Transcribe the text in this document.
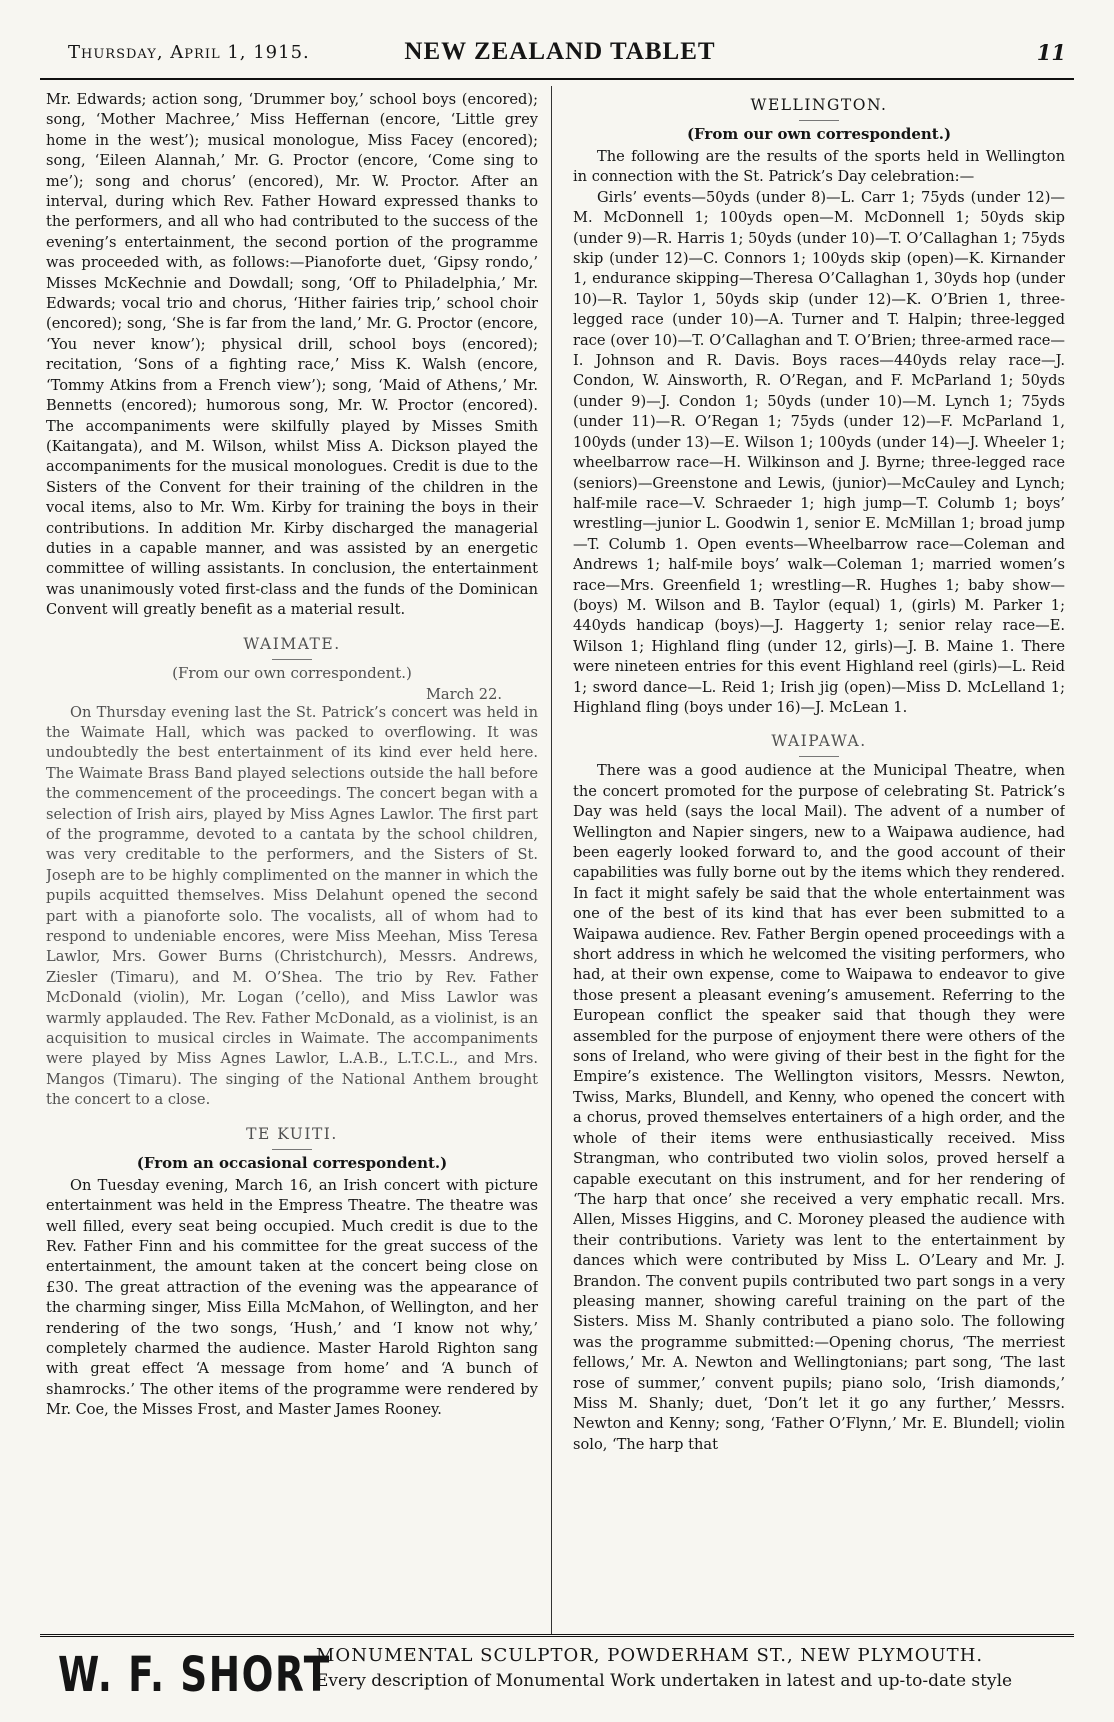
Thursday, April 1, 1915.	NEW ZEALAND TABLET	11

Mr. Edwards; action song, ‘Drummer boy,’ school boys (encored); song, ‘Mother Machree,’ Miss Heffernan (encore, ‘Little grey home in the west’); musical monologue, Miss Facey (encored); song, ‘Eileen Alannah,’ Mr. G. Proctor (encore, ‘Come sing to me’); song and chorus’ (encored), Mr. W. Proctor. After an interval, during which Rev. Father Howard expressed thanks to the performers, and all who had contributed to the success of the evening’s entertainment, the second portion of the programme was proceeded with, as follows:—Pianoforte duet, ‘Gipsy rondo,’ Misses McKechnie and Dowdall; song, ‘Off to Philadelphia,’ Mr. Edwards; vocal trio and chorus, ‘Hither fairies trip,’ school choir (encored); song, ‘She is far from the land,’ Mr. G. Proctor (encore, ‘You never know’); physical drill, school boys (encored); recitation, ‘Sons of a fighting race,’ Miss K. Walsh (encore, ‘Tommy Atkins from a French view’); song, ‘Maid of Athens,’ Mr. Bennetts (encored); humorous song, Mr. W. Proctor (encored). The accompaniments were skilfully played by Misses Smith (Kaitangata), and M. Wilson, whilst Miss A. Dickson played the accompaniments for the musical monologues. Credit is due to the Sisters of the Convent for their training of the children in the vocal items, also to Mr. Wm. Kirby for training the boys in their contributions. In addition Mr. Kirby discharged the managerial duties in a capable manner, and was assisted by an energetic committee of willing assistants. In conclusion, the entertainment was unanimously voted first-class and the funds of the Dominican Convent will greatly benefit as a material result.

WAIMATE.
(From our own correspondent.)
March 22.

On Thursday evening last the St. Patrick’s concert was held in the Waimate Hall, which was packed to overflowing. It was undoubtedly the best entertainment of its kind ever held here. The Waimate Brass Band played selections outside the hall before the commencement of the proceedings. The concert began with a selection of Irish airs, played by Miss Agnes Lawlor. The first part of the programme, devoted to a cantata by the school children, was very creditable to the performers, and the Sisters of St. Joseph are to be highly complimented on the manner in which the pupils acquitted themselves. Miss Delahunt opened the second part with a pianoforte solo. The vocalists, all of whom had to respond to undeniable encores, were Miss Meehan, Miss Teresa Lawlor, Mrs. Gower Burns (Christchurch), Messrs. Andrews, Ziesler (Timaru), and M. O’Shea. The trio by Rev. Father McDonald (violin), Mr. Logan (’cello), and Miss Lawlor was warmly applauded. The Rev. Father McDonald, as a violinist, is an acquisition to musical circles in Waimate. The accompaniments were played by Miss Agnes Lawlor, L.A.B., L.T.C.L., and Mrs. Mangos (Timaru). The singing of the National Anthem brought the concert to a close.

TE KUITI.
(From an occasional correspondent.)

On Tuesday evening, March 16, an Irish concert with picture entertainment was held in the Empress Theatre. The theatre was well filled, every seat being occupied. Much credit is due to the Rev. Father Finn and his committee for the great success of the entertainment, the amount taken at the concert being close on £30. The great attraction of the evening was the appearance of the charming singer, Miss Eilla McMahon, of Wellington, and her rendering of the two songs, ‘Hush,’ and ‘I know not why,’ completely charmed the audience. Master Harold Righton sang with great effect ‘A message from home’ and ‘A bunch of shamrocks.’ The other items of the programme were rendered by Mr. Coe, the Misses Frost, and Master James Rooney.

WELLINGTON.
(From our own correspondent.)

The following are the results of the sports held in Wellington in connection with the St. Patrick’s Day celebration:—

Girls’ events—50yds (under 8)—L. Carr 1; 75yds (under 12)—M. McDonnell 1; 100yds open—M. McDonnell 1; 50yds skip (under 9)—R. Harris 1; 50yds (under 10)—T. O’Callaghan 1; 75yds skip (under 12)—C. Connors 1; 100yds skip (open)—K. Kirnander 1, endurance skipping—Theresa O’Callaghan 1, 30yds hop (under 10)—R. Taylor 1, 50yds skip (under 12)—K. O’Brien 1, three-legged race (under 10)—A. Turner and T. Halpin; three-legged race (over 10)—T. O’Callaghan and T. O’Brien; three-armed race—I. Johnson and R. Davis. Boys races—440yds relay race—J. Condon, W. Ainsworth, R. O’Regan, and F. McParland 1; 50yds (under 9)—J. Condon 1; 50yds (under 10)—M. Lynch 1; 75yds (under 11)—R. O’Regan 1; 75yds (under 12)—F. McParland 1, 100yds (under 13)—E. Wilson 1; 100yds (under 14)—J. Wheeler 1; wheelbarrow race—H. Wilkinson and J. Byrne; three-legged race (seniors)—Greenstone and Lewis, (junior)—McCauley and Lynch; half-mile race—V. Schraeder 1; high jump—T. Columb 1; boys’ wrestling—junior L. Goodwin 1, senior E. McMillan 1; broad jump—T. Columb 1. Open events—Wheelbarrow race—Coleman and Andrews 1; half-mile boys’ walk—Coleman 1; married women’s race—Mrs. Greenfield 1; wrestling—R. Hughes 1; baby show—(boys) M. Wilson and B. Taylor (equal) 1, (girls) M. Parker 1; 440yds handicap (boys)—J. Haggerty 1; senior relay race—E. Wilson 1; Highland fling (under 12, girls)—J. B. Maine 1. There were nineteen entries for this event Highland reel (girls)—L. Reid 1; sword dance—L. Reid 1; Irish jig (open)—Miss D. McLelland 1; Highland fling (boys under 16)—J. McLean 1.

WAIPAWA.

There was a good audience at the Municipal Theatre, when the concert promoted for the purpose of celebrating St. Patrick’s Day was held (says the local Mail). The advent of a number of Wellington and Napier singers, new to a Waipawa audience, had been eagerly looked forward to, and the good account of their capabilities was fully borne out by the items which they rendered. In fact it might safely be said that the whole entertainment was one of the best of its kind that has ever been submitted to a Waipawa audience. Rev. Father Bergin opened proceedings with a short address in which he welcomed the visiting performers, who had, at their own expense, come to Waipawa to endeavor to give those present a pleasant evening’s amusement. Referring to the European conflict the speaker said that though they were assembled for the purpose of enjoyment there were others of the sons of Ireland, who were giving of their best in the fight for the Empire’s existence. The Wellington visitors, Messrs. Newton, Twiss, Marks, Blundell, and Kenny, who opened the concert with a chorus, proved themselves entertainers of a high order, and the whole of their items were enthusiastically received. Miss Strangman, who contributed two violin solos, proved herself a capable executant on this instrument, and for her rendering of ‘The harp that once’ she received a very emphatic recall. Mrs. Allen, Misses Higgins, and C. Moroney pleased the audience with their contributions. Variety was lent to the entertainment by dances which were contributed by Miss L. O’Leary and Mr. J. Brandon. The convent pupils contributed two part songs in a very pleasing manner, showing careful training on the part of the Sisters. Miss M. Shanly contributed a piano solo. The following was the programme submitted:—Opening chorus, ‘The merriest fellows,’ Mr. A. Newton and Wellingtonians; part song, ‘The last rose of summer,’ convent pupils; piano solo, ‘Irish diamonds,’ Miss M. Shanly; duet, ‘Don’t let it go any further,’ Messrs. Newton and Kenny; song, ‘Father O’Flynn,’ Mr. E. Blundell; violin solo, ‘The harp that

W. F. SHORT
MONUMENTAL SCULPTOR, POWDERHAM ST., NEW PLYMOUTH.
Every description of Monumental Work undertaken in latest and up-to-date style
